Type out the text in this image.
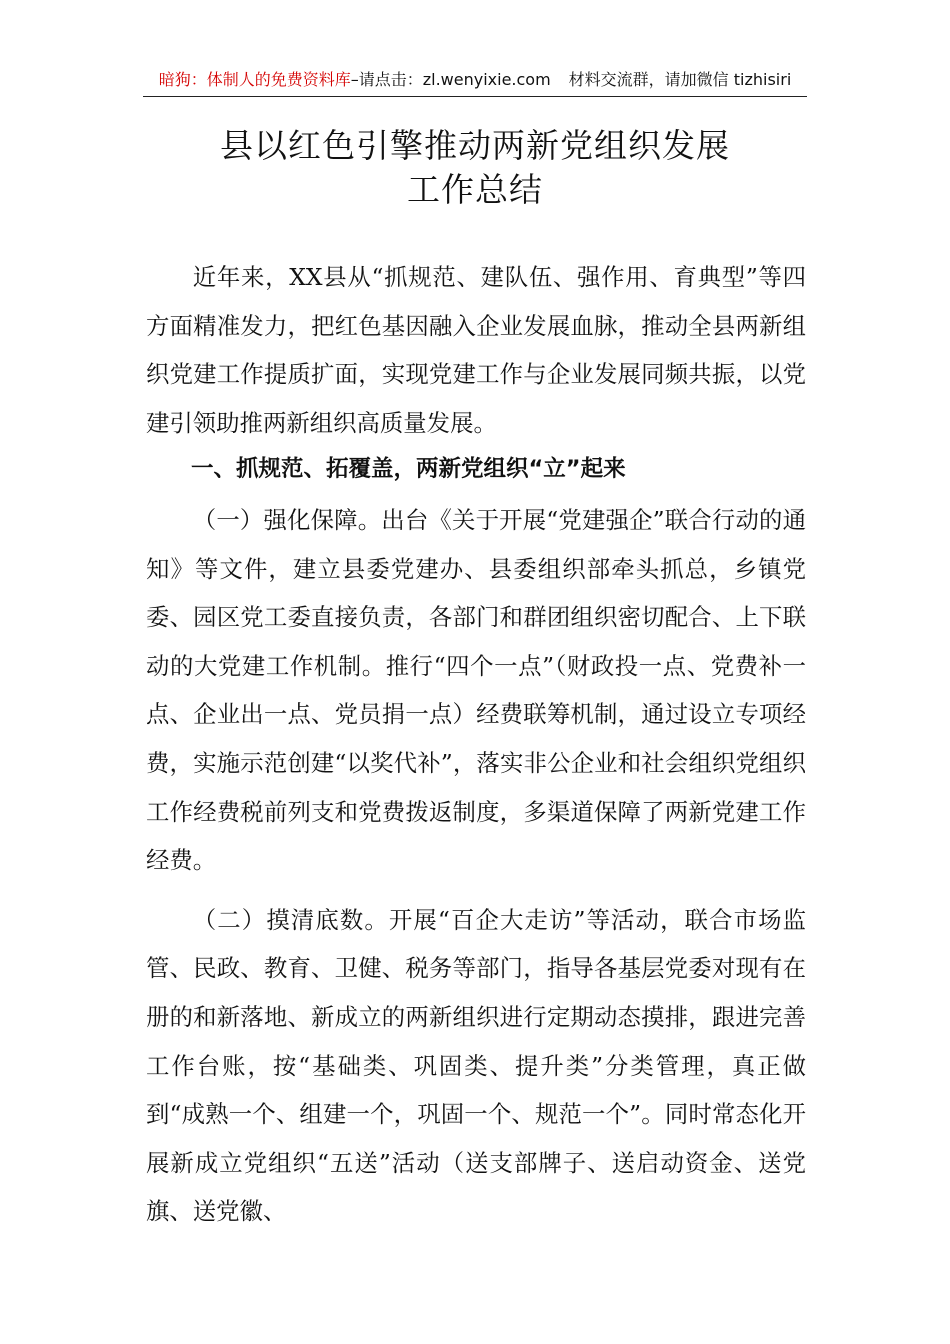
暗狗：体制人的免费资料库–请点击：zl.wenyixie.com 材料交流群，请加微信 tizhisiri
县以红色引擎推动两新党组织发展
工作总结

近年来，XX县从“抓规范、建队伍、强作用、育典型”等四方面精准发力，把红色基因融入企业发展血脉，推动全县两新组织党建工作提质扩面，实现党建工作与企业发展同频共振，以党建引领助推两新组织高质量发展。

一、抓规范、拓覆盖，两新党组织“立”起来

（一）强化保障。出台《关于开展“党建强企”联合行动的通知》等文件，建立县委党建办、县委组织部牵头抓总，乡镇党委、园区党工委直接负责，各部门和群团组织密切配合、上下联动的大党建工作机制。推行“四个一点”（财政投一点、党费补一点、企业出一点、党员捐一点）经费联筹机制，通过设立专项经费，实施示范创建“以奖代补”，落实非公企业和社会组织党组织工作经费税前列支和党费拨返制度，多渠道保障了两新党建工作经费。

（二）摸清底数。开展“百企大走访”等活动，联合市场监管、民政、教育、卫健、税务等部门，指导各基层党委对现有在册的和新落地、新成立的两新组织进行定期动态摸排，跟进完善工作台账，按“基础类、巩固类、提升类”分类管理，真正做到“成熟一个、组建一个，巩固一个、规范一个”。同时常态化开展新成立党组织“五送”活动（送支部牌子、送启动资金、送党旗、送党徽、
